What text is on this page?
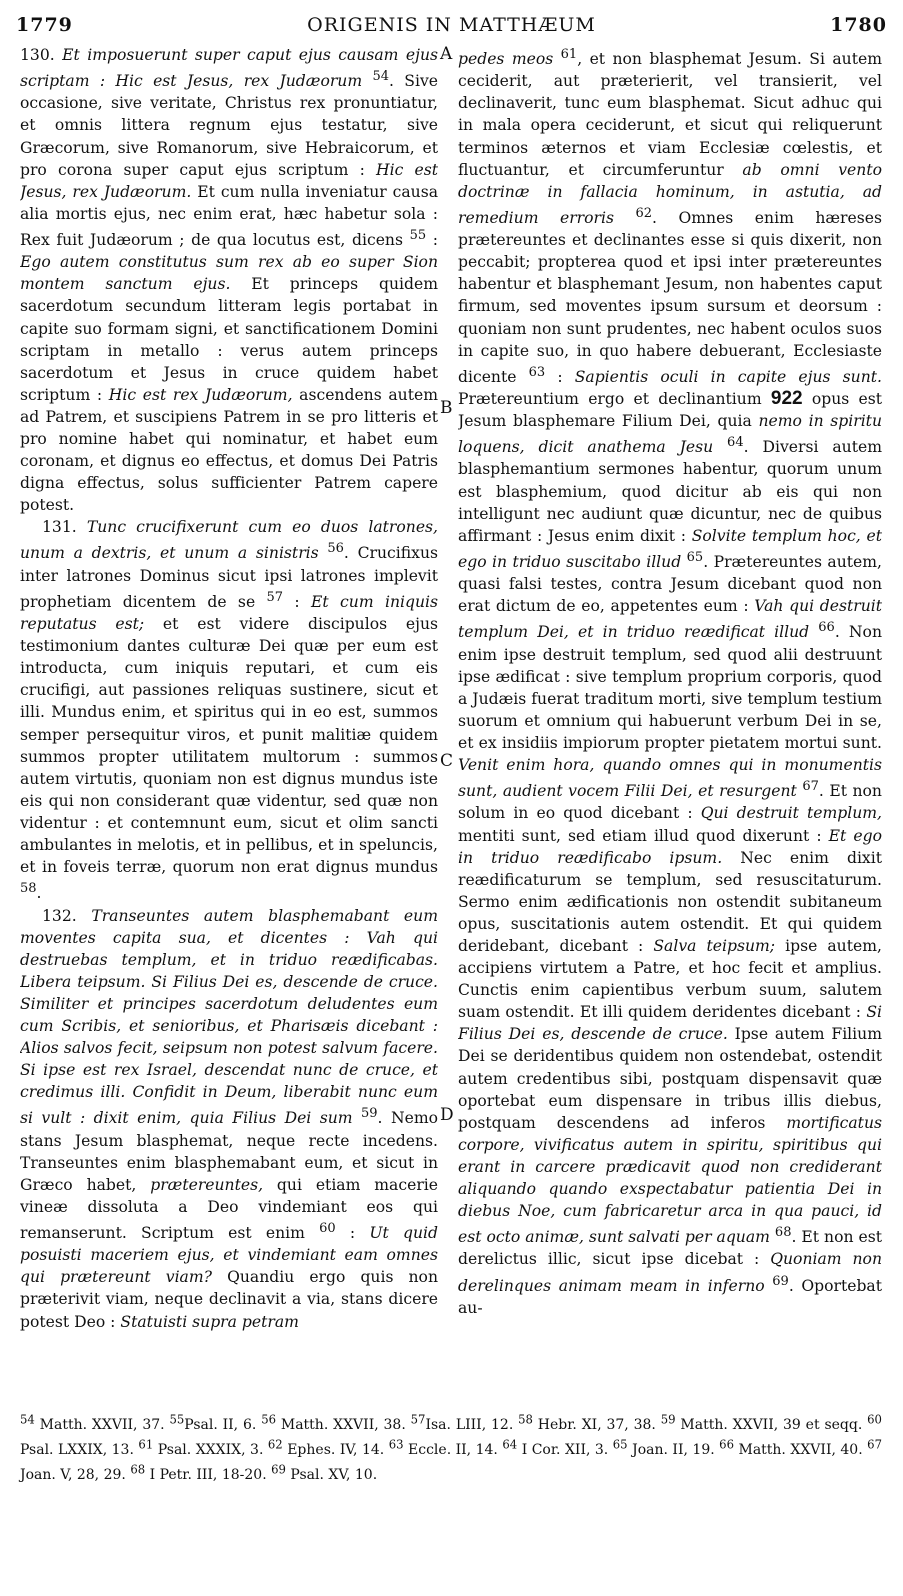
1779	ORIGENIS IN MATTHÆUM	1780
A
B
C
D

130. Et imposuerunt super caput ejus causam ejus scriptam : Hic est Jesus, rex Judæorum $^{54}$. Sive occasione, sive veritate, Christus rex pronuntiatur, et omnis littera regnum ejus testatur, sive Græcorum, sive Romanorum, sive Hebraicorum, et pro corona super caput ejus scriptum : Hic est Jesus, rex Judæorum. Et cum nulla inveniatur causa alia mortis ejus, nec enim erat, hæc habetur sola : Rex fuit Judæorum ; de qua locutus est, dicens $^{55}$ : Ego autem constitutus sum rex ab eo super Sion montem sanctum ejus. Et princeps quidem sacerdotum secundum litteram legis portabat in capite suo formam signi, et sanctificationem Domini scriptam in metallo : verus autem princeps sacerdotum et Jesus in cruce quidem habet scriptum : Hic est rex Judæorum, ascendens autem ad Patrem, et suscipiens Patrem in se pro litteris et pro nomine habet qui nominatur, et habet eum coronam, et dignus eo effectus, et domus Dei Patris digna effectus, solus sufficienter Patrem capere potest.

131. Tunc crucifixerunt cum eo duos latrones, unum a dextris, et unum a sinistris $^{56}$. Crucifixus inter latrones Dominus sicut ipsi latrones implevit prophetiam dicentem de se $^{57}$ : Et cum iniquis reputatus est; et est videre discipulos ejus testimonium dantes culturæ Dei quæ per eum est introducta, cum iniquis reputari, et cum eis crucifigi, aut passiones reliquas sustinere, sicut et illi. Mundus enim, et spiritus qui in eo est, summos semper persequitur viros, et punit malitiæ quidem summos propter utilitatem multorum : summos autem virtutis, quoniam non est dignus mundus iste eis qui non considerant quæ videntur, sed quæ non videntur : et contemnunt eum, sicut et olim sancti ambulantes in melotis, et in pellibus, et in speluncis, et in foveis terræ, quorum non erat dignus mundus $^{58}$.

132. Transeuntes autem blasphemabant eum moventes capita sua, et dicentes : Vah qui destruebas templum, et in triduo reædificabas. Libera teipsum. Si Filius Dei es, descende de cruce. Similiter et principes sacerdotum deludentes eum cum Scribis, et senioribus, et Pharisæis dicebant : Alios salvos fecit, seipsum non potest salvum facere. Si ipse est rex Israel, descendat nunc de cruce, et credimus illi. Confidit in Deum, liberabit nunc eum si vult : dixit enim, quia Filius Dei sum $^{59}$. Nemo stans Jesum blasphemat, neque recte incedens. Transeuntes enim blasphemabant eum, et sicut in Græco habet, prætereuntes, qui etiam macerie vineæ dissoluta a Deo vindemiant eos qui remanserunt. Scriptum est enim $^{60}$ : Ut quid posuisti maceriem ejus, et vindemiant eam omnes qui prætereunt viam? Quandiu ergo quis non præterivit viam, neque declinavit a via, stans dicere potest Deo : Statuisti supra petram

pedes meos $^{61}$, et non blasphemat Jesum. Si autem ceciderit, aut præterierit, vel transierit, vel declinaverit, tunc eum blasphemat. Sicut adhuc qui in mala opera ceciderunt, et sicut qui reliquerunt terminos æternos et viam Ecclesiæ cœlestis, et fluctuantur, et circumferuntur ab omni vento doctrinæ in fallacia hominum, in astutia, ad remedium erroris $^{62}$. Omnes enim hæreses prætereuntes et declinantes esse si quis dixerit, non peccabit; propterea quod et ipsi inter prætereuntes habentur et blasphemant Jesum, non habentes caput firmum, sed moventes ipsum sursum et deorsum : quoniam non sunt prudentes, nec habent oculos suos in capite suo, in quo habere debuerant, Ecclesiaste dicente $^{63}$ : Sapientis oculi in capite ejus sunt. Prætereuntium ergo et declinantium 922 opus est Jesum blasphemare Filium Dei, quia nemo in spiritu loquens, dicit anathema Jesu $^{64}$. Diversi autem blasphemantium sermones habentur, quorum unum est blasphemium, quod dicitur ab eis qui non intelligunt nec audiunt quæ dicuntur, nec de quibus affirmant : Jesus enim dixit : Solvite templum hoc, et ego in triduo suscitabo illud $^{65}$. Prætereuntes autem, quasi falsi testes, contra Jesum dicebant quod non erat dictum de eo, appetentes eum : Vah qui destruit templum Dei, et in triduo reædificat illud $^{66}$. Non enim ipse destruit templum, sed quod alii destruunt ipse ædificat : sive templum proprium corporis, quod a Judæis fuerat traditum morti, sive templum testium suorum et omnium qui habuerunt verbum Dei in se, et ex insidiis impiorum propter pietatem mortui sunt. Venit enim hora, quando omnes qui in monumentis sunt, audient vocem Filii Dei, et resurgent $^{67}$. Et non solum in eo quod dicebant : Qui destruit templum, mentiti sunt, sed etiam illud quod dixerunt : Et ego in triduo reædificabo ipsum. Nec enim dixit reædificaturum se templum, sed resuscitaturum. Sermo enim ædificationis non ostendit subitaneum opus, suscitationis autem ostendit. Et qui quidem deridebant, dicebant : Salva teipsum; ipse autem, accipiens virtutem a Patre, et hoc fecit et amplius. Cunctis enim capientibus verbum suum, salutem suam ostendit. Et illi quidem deridentes dicebant : Si Filius Dei es, descende de cruce. Ipse autem Filium Dei se deridentibus quidem non ostendebat, ostendit autem credentibus sibi, postquam dispensavit quæ oportebat eum dispensare in tribus illis diebus, postquam descendens ad inferos mortificatus corpore, vivificatus autem in spiritu, spiritibus qui erant in carcere prædicavit quod non crediderant aliquando quando exspectabatur patientia Dei in diebus Noe, cum fabricaretur arca in qua pauci, id est octo animæ, sunt salvati per aquam $^{68}$. Et non est derelictus illic, sicut ipse dicebat : Quoniam non derelinques animam meam in inferno $^{69}$. Oportebat au-

$^{54}$ Matth. XXVII, 37. $^{55}$Psal. II, 6. $^{56}$ Matth. XXVII, 38. $^{57}$Isa. LIII, 12. $^{58}$ Hebr. XI, 37, 38. $^{59}$ Matth. XXVII, 39 et seqq. $^{60}$ Psal. LXXIX, 13. $^{61}$ Psal. XXXIX, 3. $^{62}$ Ephes. IV, 14. $^{63}$ Eccle. II, 14. $^{64}$ I Cor. XII, 3. $^{65}$ Joan. II, 19. $^{66}$ Matth. XXVII, 40. $^{67}$ Joan. V, 28, 29. $^{68}$ I Petr. III, 18-20. $^{69}$ Psal. XV, 10.
